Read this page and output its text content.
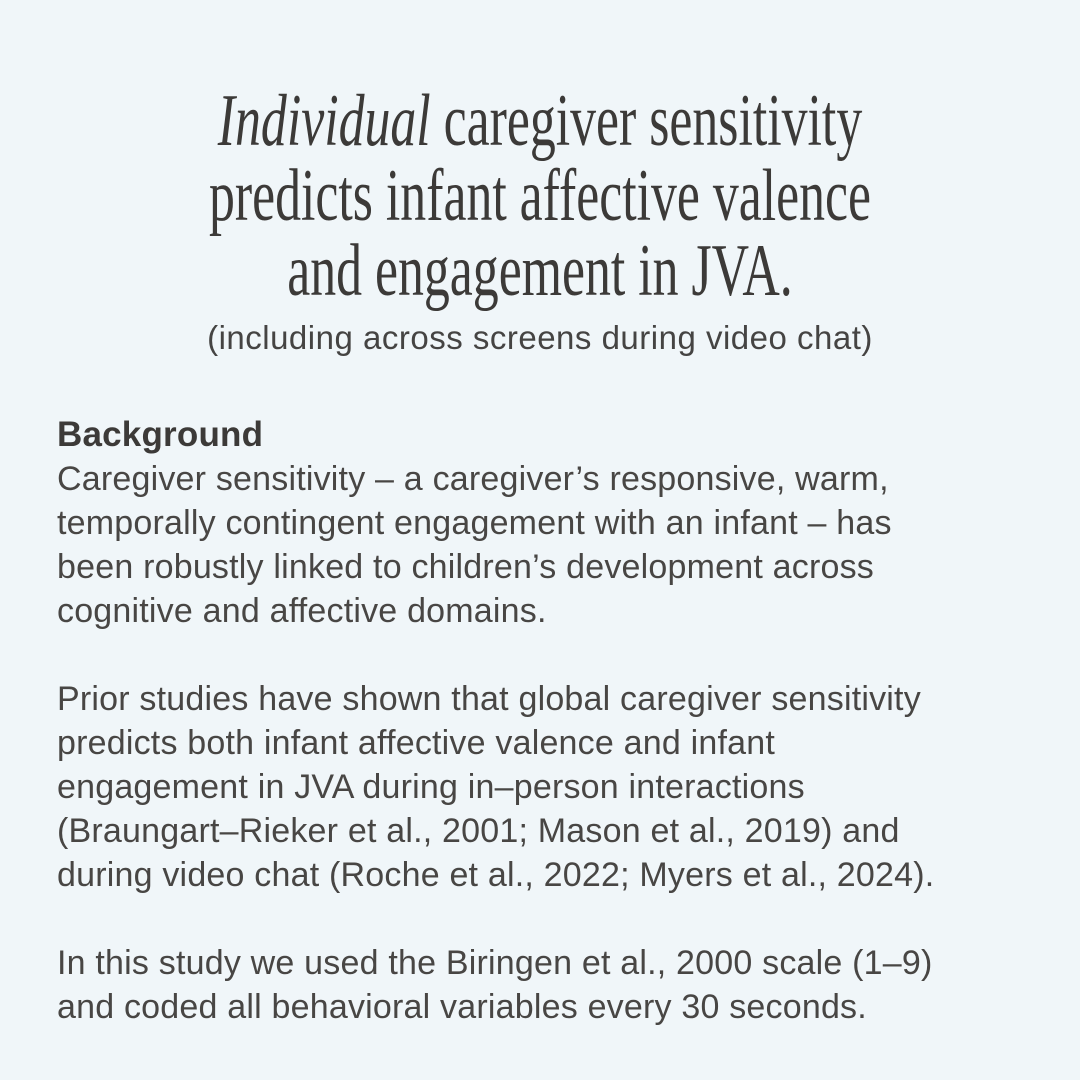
Individual caregiver sensitivity
predicts infant affective valence
and engagement in JVA.
(including across screens during video chat)
Background
Caregiver sensitivity – a caregiver’s responsive, warm,
temporally contingent engagement with an infant – has
been robustly linked to children’s development across
cognitive and affective domains.
Prior studies have shown that global caregiver sensitivity
predicts both infant affective valence and infant
engagement in JVA during in–person interactions
(Braungart–Rieker et al., 2001; Mason et al., 2019) and
during video chat (Roche et al., 2022; Myers et al., 2024).
In this study we used the Biringen et al., 2000 scale (1–9)
and coded all behavioral variables every 30 seconds.
